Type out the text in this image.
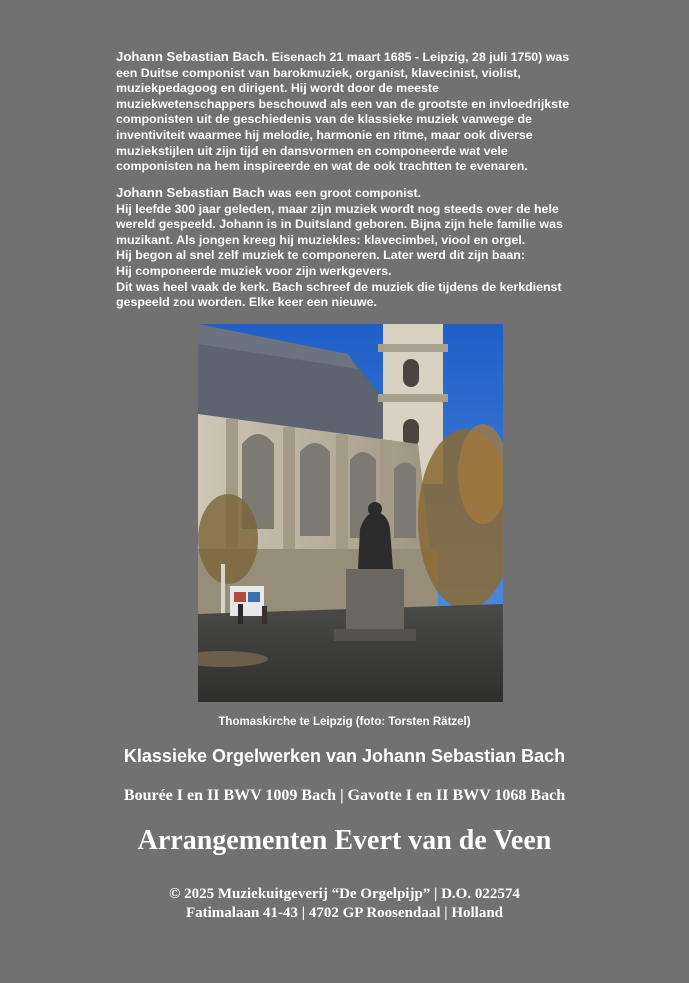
Johann Sebastian Bach. Eisenach 21 maart 1685 - Leipzig, 28 juli 1750) was
een Duitse componist van barokmuziek, organist, klavecinist, violist,
muziekpedagoog en dirigent. Hij wordt door de meeste
muziekwetenschappers beschouwd als een van de grootste en invloedrijkste
componisten uit de geschiedenis van de klassieke muziek vanwege de
inventiviteit waarmee hij melodie, harmonie en ritme, maar ook diverse
muziekstijlen uit zijn tijd en dansvormen en componeerde wat vele
componisten na hem inspireerde en wat de ook trachtten te evenaren.
Johann Sebastian Bach was een groot componist.
Hij leefde 300 jaar geleden, maar zijn muziek wordt nog steeds over de hele
wereld gespeeld. Johann is in Duitsland geboren. Bijna zijn hele familie was
muzikant. Als jongen kreeg hij muziekles: klavecimbel, viool en orgel.
Hij begon al snel zelf muziek te componeren. Later werd dit zijn baan:
Hij componeerde muziek voor zijn werkgevers.
Dit was heel vaak de kerk. Bach schreef de muziek die tijdens de kerkdienst
gespeeld zou worden. Elke keer een nieuwe.
Thomaskirche te Leipzig (foto: Torsten Rätzel)
Klassieke Orgelwerken van Johann Sebastian Bach
Bourée I en II BWV 1009 Bach | Gavotte I en II BWV 1068 Bach
Arrangementen Evert van de Veen
© 2025 Muziekuitgeverij “De Orgelpijp” | D.O. 022574
Fatimalaan 41-43 | 4702 GP Roosendaal | Holland
